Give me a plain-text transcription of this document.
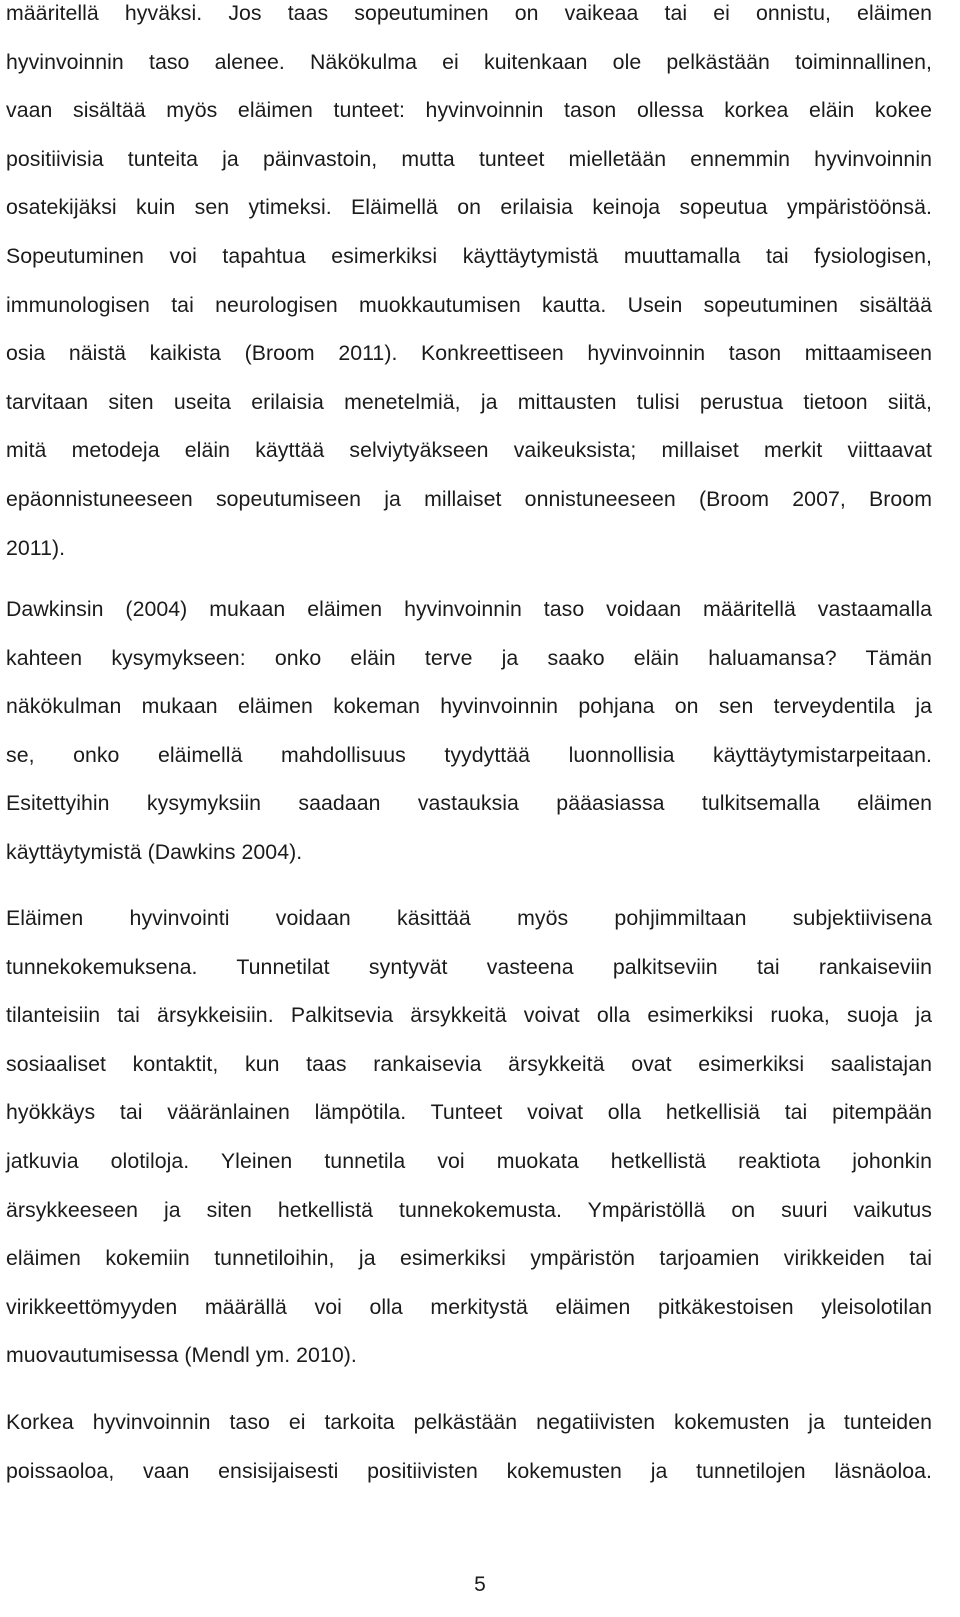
määritellä hyväksi. Jos taas sopeutuminen on vaikeaa tai ei onnistu, eläimen
hyvinvoinnin taso alenee. Näkökulma ei kuitenkaan ole pelkästään toiminnallinen,
vaan sisältää myös eläimen tunteet: hyvinvoinnin tason ollessa korkea eläin kokee
positiivisia tunteita ja päinvastoin, mutta tunteet mielletään ennemmin hyvinvoinnin
osatekijäksi kuin sen ytimeksi. Eläimellä on erilaisia keinoja sopeutua ympäristöönsä.
Sopeutuminen voi tapahtua esimerkiksi käyttäytymistä muuttamalla tai fysiologisen,
immunologisen tai neurologisen muokkautumisen kautta. Usein sopeutuminen sisältää
osia näistä kaikista (Broom 2011). Konkreettiseen hyvinvoinnin tason mittaamiseen
tarvitaan siten useita erilaisia menetelmiä, ja mittausten tulisi perustua tietoon siitä,
mitä metodeja eläin käyttää selviytyäkseen vaikeuksista; millaiset merkit viittaavat
epäonnistuneeseen sopeutumiseen ja millaiset onnistuneeseen (Broom 2007, Broom
2011).

Dawkinsin (2004) mukaan eläimen hyvinvoinnin taso voidaan määritellä vastaamalla
kahteen kysymykseen: onko eläin terve ja saako eläin haluamansa? Tämän
näkökulman mukaan eläimen kokeman hyvinvoinnin pohjana on sen terveydentila ja
se, onko eläimellä mahdollisuus tyydyttää luonnollisia käyttäytymistarpeitaan.
Esitettyihin kysymyksiin saadaan vastauksia pääasiassa tulkitsemalla eläimen
käyttäytymistä (Dawkins 2004).

Eläimen hyvinvointi voidaan käsittää myös pohjimmiltaan subjektiivisena
tunnekokemuksena. Tunnetilat syntyvät vasteena palkitseviin tai rankaiseviin
tilanteisiin tai ärsykkeisiin. Palkitsevia ärsykkeitä voivat olla esimerkiksi ruoka, suoja ja
sosiaaliset kontaktit, kun taas rankaisevia ärsykkeitä ovat esimerkiksi saalistajan
hyökkäys tai vääränlainen lämpötila. Tunteet voivat olla hetkellisiä tai pitempään
jatkuvia olotiloja. Yleinen tunnetila voi muokata hetkellistä reaktiota johonkin
ärsykkeeseen ja siten hetkellistä tunnekokemusta. Ympäristöllä on suuri vaikutus
eläimen kokemiin tunnetiloihin, ja esimerkiksi ympäristön tarjoamien virikkeiden tai
virikkeettömyyden määrällä voi olla merkitystä eläimen pitkäkestoisen yleisolotilan
muovautumisessa (Mendl ym. 2010).

Korkea hyvinvoinnin taso ei tarkoita pelkästään negatiivisten kokemusten ja tunteiden
poissaoloa, vaan ensisijaisesti positiivisten kokemusten ja tunnetilojen läsnäoloa.

5
